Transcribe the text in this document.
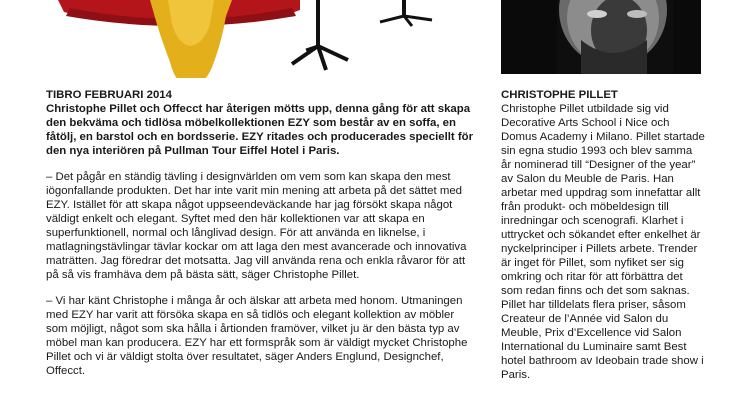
TIBRO FEBRUARI 2014

Christophe Pillet och Offecct har återigen mötts upp, denna gång för att skapa den bekväma och tidlösa möbelkollektionen EZY som består av en soffa, en fåtölj, en barstol och en bordsserie. EZY ritades och producerades speciellt för den nya interiören på Pullman Tour Eiffel Hotel i Paris.

– Det pågår en ständig tävling i designvärlden om vem som kan skapa den mest iögonfallande produkten. Det har inte varit min mening att arbeta på det sättet med EZY. Istället för att skapa något uppseendeväckande har jag försökt skapa något väldigt enkelt och elegant. Syftet med den här kollektionen var att skapa en superfunktionell, normal och långlivad design. För att använda en liknelse, i matlagningstävlingar tävlar kockar om att laga den mest avancerade och innovativa maträtten. Jag föredrar det motsatta. Jag vill använda rena och enkla råvaror för att på så vis framhäva dem på bästa sätt, säger Christophe Pillet.

– Vi har känt Christophe i många år och älskar att arbeta med honom. Utmaningen med EZY har varit att försöka skapa en så tidlös och elegant kollektion av möbler som möjligt, något som ska hålla i årtionden framöver, vilket ju är den bästa typ av möbel man kan producera. EZY har ett formspråk som är väldigt mycket Christophe Pillet och vi är väldigt stolta över resultatet, säger Anders Englund, Designchef, Offecct.

CHRISTOPHE PILLET

Christophe Pillet utbildade sig vid Decorative Arts School i Nice och Domus Academy i Milano. Pillet startade sin egna studio 1993 och blev samma år nominerad till “Designer of the year” av Salon du Meuble de Paris. Han arbetar med uppdrag som innefattar allt från produkt- och möbeldesign till inredningar och scenografi. Klarhet i uttrycket och sökandet efter enkelhet är nyckelprinciper i Pillets arbete. Trender är inget för Pillet, som nyfiket ser sig omkring och ritar för att förbättra det som redan finns och det som saknas. Pillet har tilldelats flera priser, såsom Createur de l’Année vid Salon du Meuble, Prix d’Excellence vid Salon International du Luminaire samt Best hotel bathroom av Ideobain trade show i Paris.
